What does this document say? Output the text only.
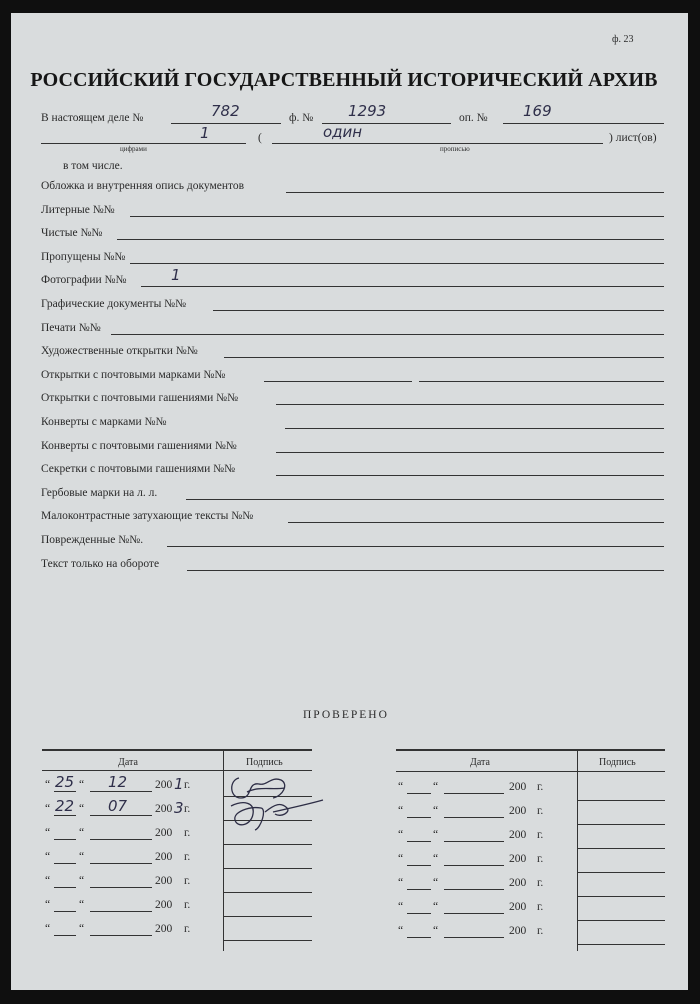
ф. 23
РОССИЙСКИЙ ГОСУДАРСТВЕННЫЙ ИСТОРИЧЕСКИЙ АРХИВ
В настоящем деле №	782	ф. № 1293	оп. № 169
1	(	один	) лист(ов)
цифрами	прописью
в том числе.
Обложка и внутренняя опись документов
Литерные №№
Чистые №№
Пропущены №№
Фотографии №№	1
Графические документы №№
Печати №№
Художественные открытки №№
Открытки с почтовыми марками №№
Открытки с почтовыми гашениями №№
Конверты с марками №№
Конверты с почтовыми гашениями №№
Секретки с почтовыми гашениями №№
Гербовые марки на л. л.
Малоконтрастные затухающие тексты №№
Поврежденные №№.
Текст только на обороте
ПРОВЕРЕНО
Дата	Подпись
“ 25 “ 12 200 1 г.
“ 22 “ 07 200 3 г.
“	“	200 г.
“	“	200 г.
“	“	200 г.
“	“	200 г.
“	“	200 г.
Дата	Подпись
“	“	200 г.
“	“	200 г.
“	“	200 г.
“	“	200 г.
“	“	200 г.
“	“	200 г.
“	“	200 г.
